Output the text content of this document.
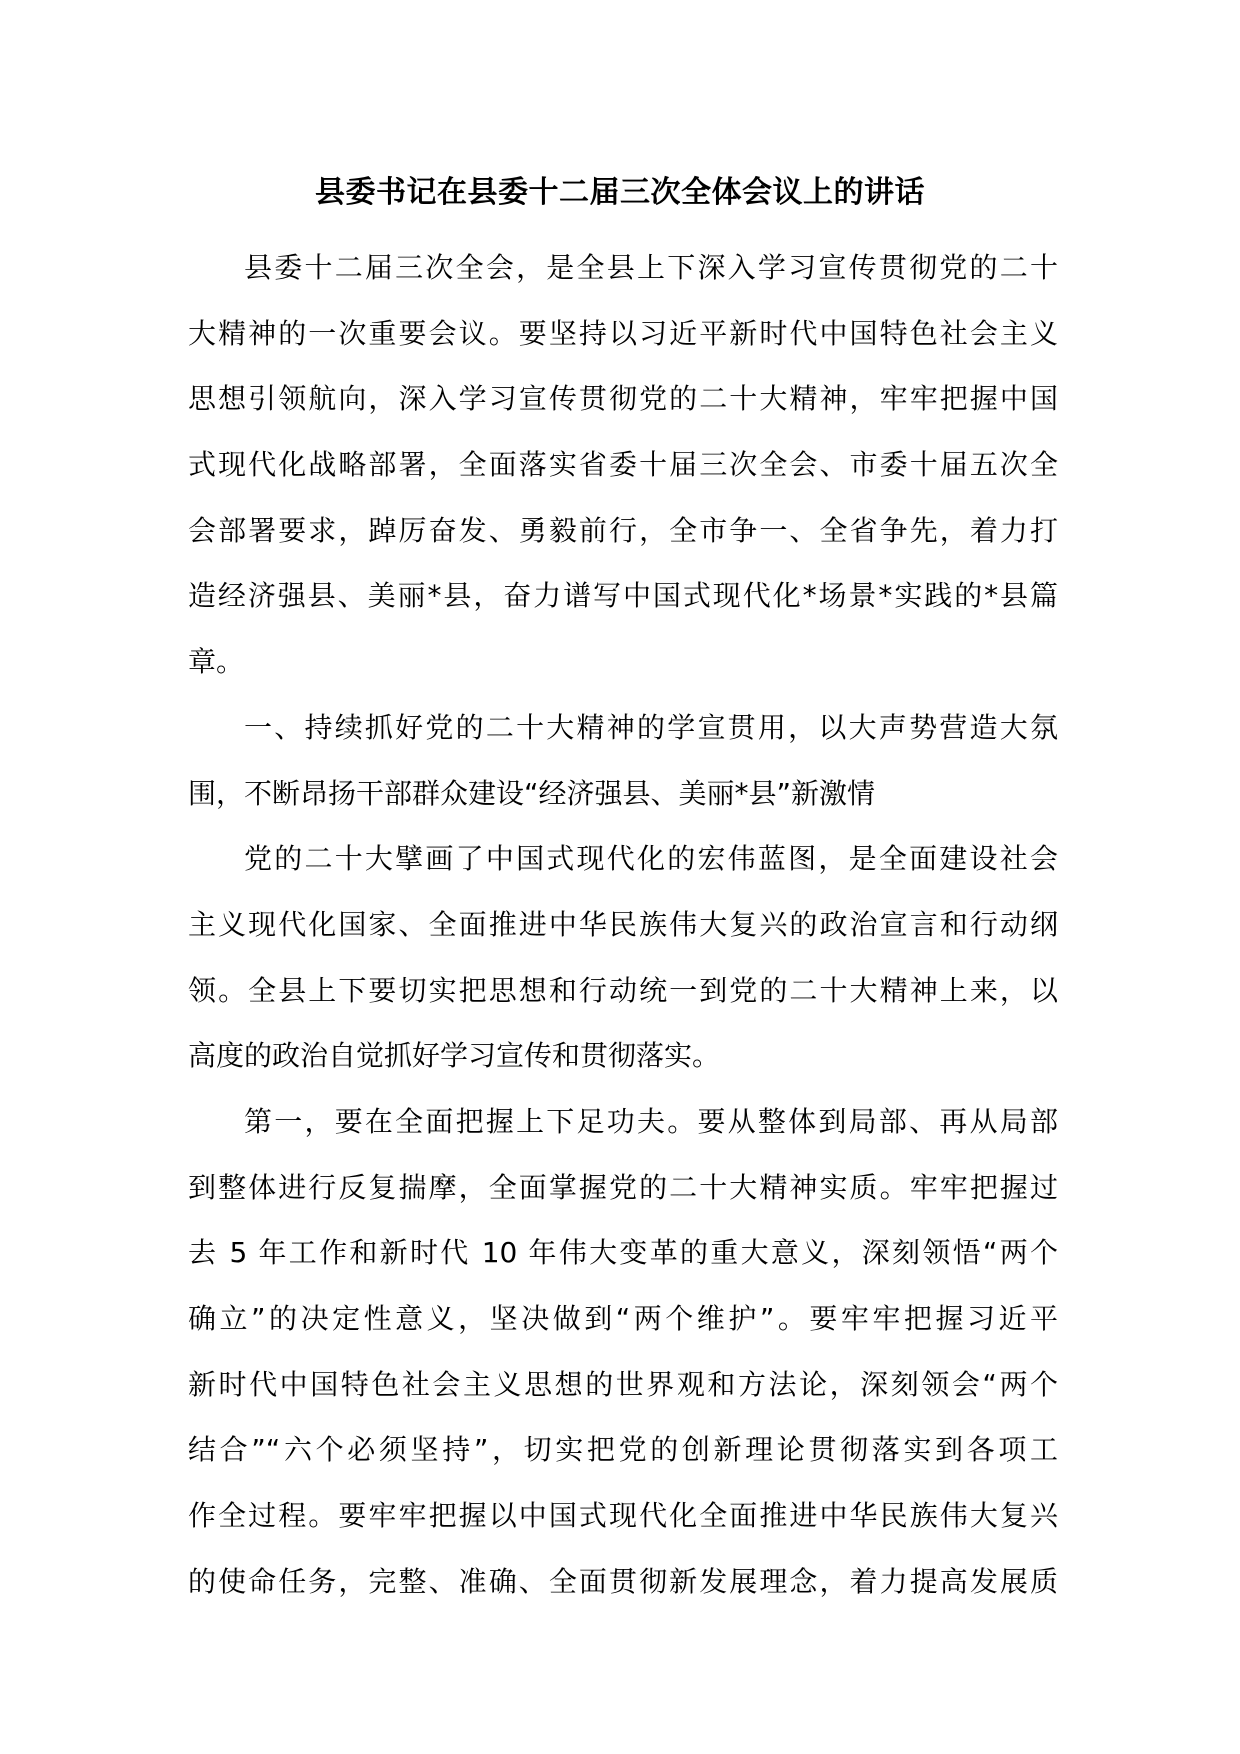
县委书记在县委十二届三次全体会议上的讲话
县委十二届三次全会，是全县上下深入学习宣传贯彻党的二十
大精神的一次重要会议。要坚持以习近平新时代中国特色社会主义
思想引领航向，深入学习宣传贯彻党的二十大精神，牢牢把握中国
式现代化战略部署，全面落实省委十届三次全会、市委十届五次全
会部署要求，踔厉奋发、勇毅前行，全市争一、全省争先，着力打
造经济强县、美丽*县，奋力谱写中国式现代化*场景*实践的*县篇
章。
一、持续抓好党的二十大精神的学宣贯用，以大声势营造大氛
围，不断昂扬干部群众建设“经济强县、美丽*县”新激情
党的二十大擘画了中国式现代化的宏伟蓝图，是全面建设社会
主义现代化国家、全面推进中华民族伟大复兴的政治宣言和行动纲
领。全县上下要切实把思想和行动统一到党的二十大精神上来，以
高度的政治自觉抓好学习宣传和贯彻落实。
第一，要在全面把握上下足功夫。要从整体到局部、再从局部
到整体进行反复揣摩，全面掌握党的二十大精神实质。牢牢把握过
去 5 年工作和新时代 10 年伟大变革的重大意义，深刻领悟“两个
确立”的决定性意义，坚决做到“两个维护”。要牢牢把握习近平
新时代中国特色社会主义思想的世界观和方法论，深刻领会“两个
结合”“六个必须坚持”，切实把党的创新理论贯彻落实到各项工
作全过程。要牢牢把握以中国式现代化全面推进中华民族伟大复兴
的使命任务，完整、准确、全面贯彻新发展理念，着力提高发展质
